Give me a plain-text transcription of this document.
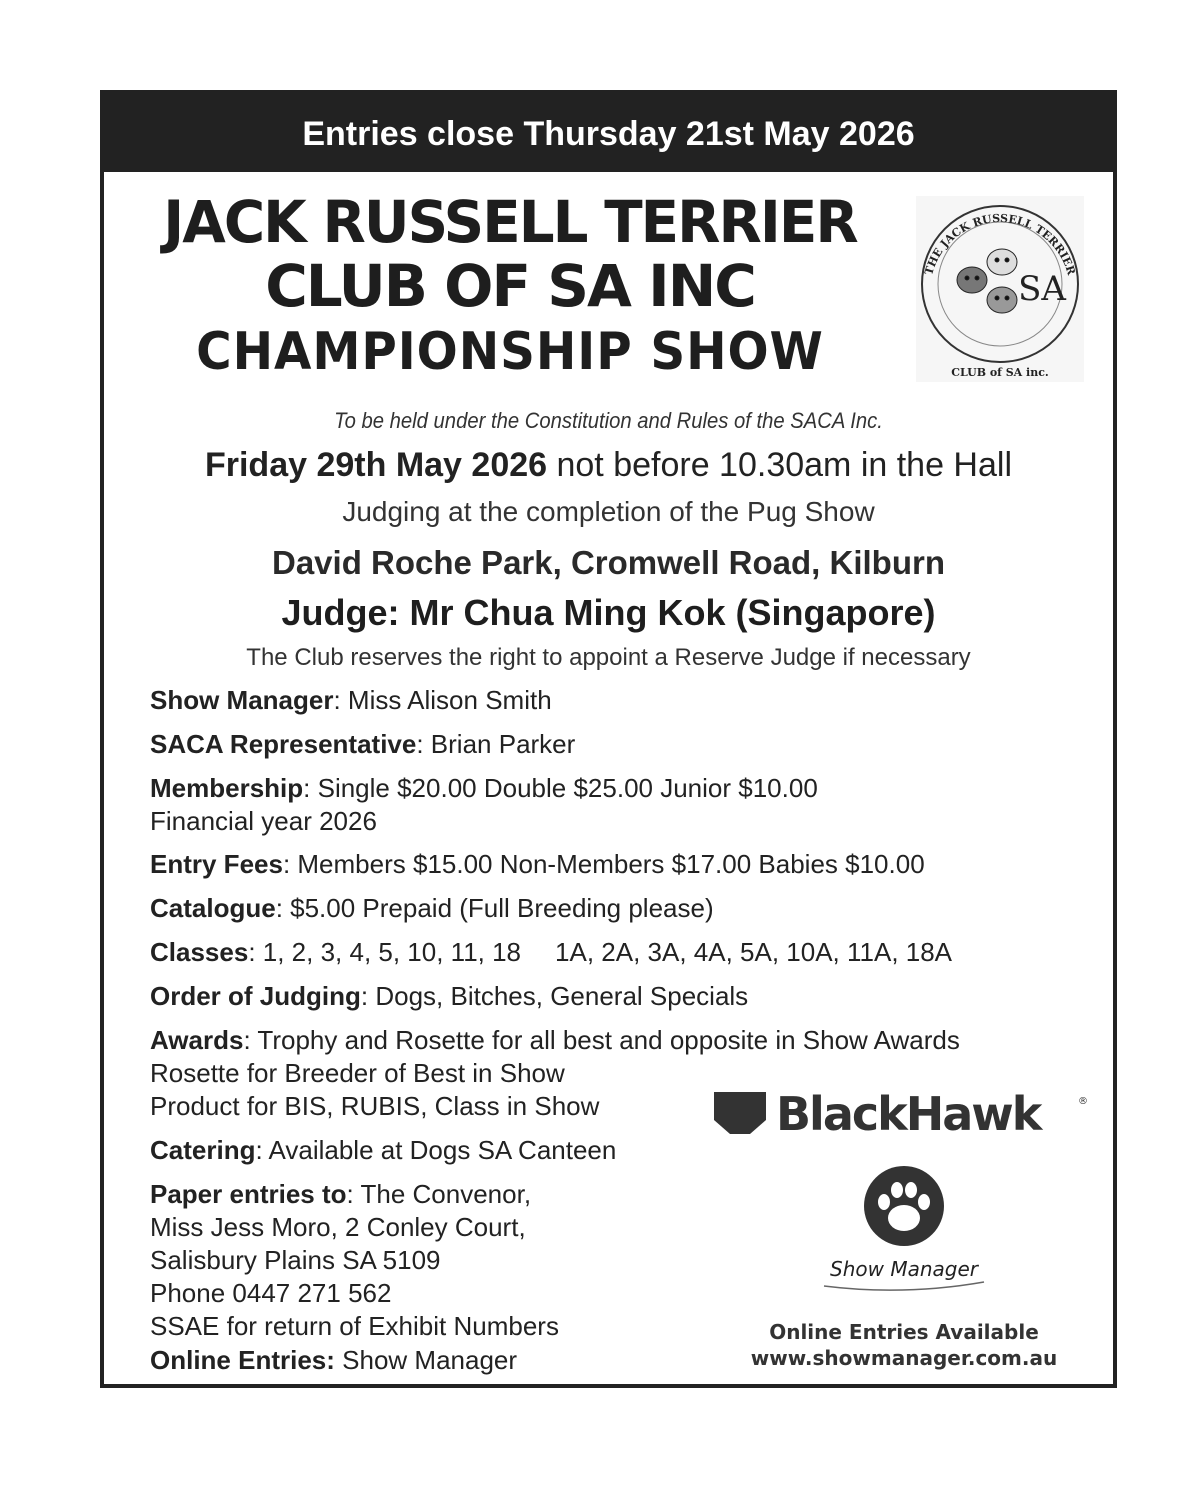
Entries close Thursday 21st May 2026
JACK RUSSELL TERRIER
CLUB OF SA INC
CHAMPIONSHIP SHOW
THE JACK RUSSELL TERRIER
SA
CLUB of SA inc.
To be held under the Constitution and Rules of the SACA Inc.
Friday 29th May 2026 not before 10.30am in the Hall
Judging at the completion of the Pug Show
David Roche Park, Cromwell Road, Kilburn
Judge: Mr Chua Ming Kok (Singapore)
The Club reserves the right to appoint a Reserve Judge if necessary
Show Manager: Miss Alison Smith
SACA Representative: Brian Parker
Membership: Single $20.00 Double $25.00 Junior $10.00
Financial year 2026
Entry Fees: Members $15.00 Non-Members $17.00 Babies $10.00
Catalogue: $5.00 Prepaid (Full Breeding please)
Classes: 1, 2, 3, 4, 5, 10, 11, 18 1A, 2A, 3A, 4A, 5A, 10A, 11A, 18A
Order of Judging: Dogs, Bitches, General Specials
Awards: Trophy and Rosette for all best and opposite in Show Awards
Rosette for Breeder of Best in Show
Product for BIS, RUBIS, Class in Show
Catering: Available at Dogs SA Canteen
Paper entries to: The Convenor,
Miss Jess Moro, 2 Conley Court,
Salisbury Plains SA 5109
Phone 0447 271 562
SSAE for return of Exhibit Numbers
Online Entries: Show Manager
BlackHawk	®
Show Manager
Online Entries Available
www.showmanager.com.au
